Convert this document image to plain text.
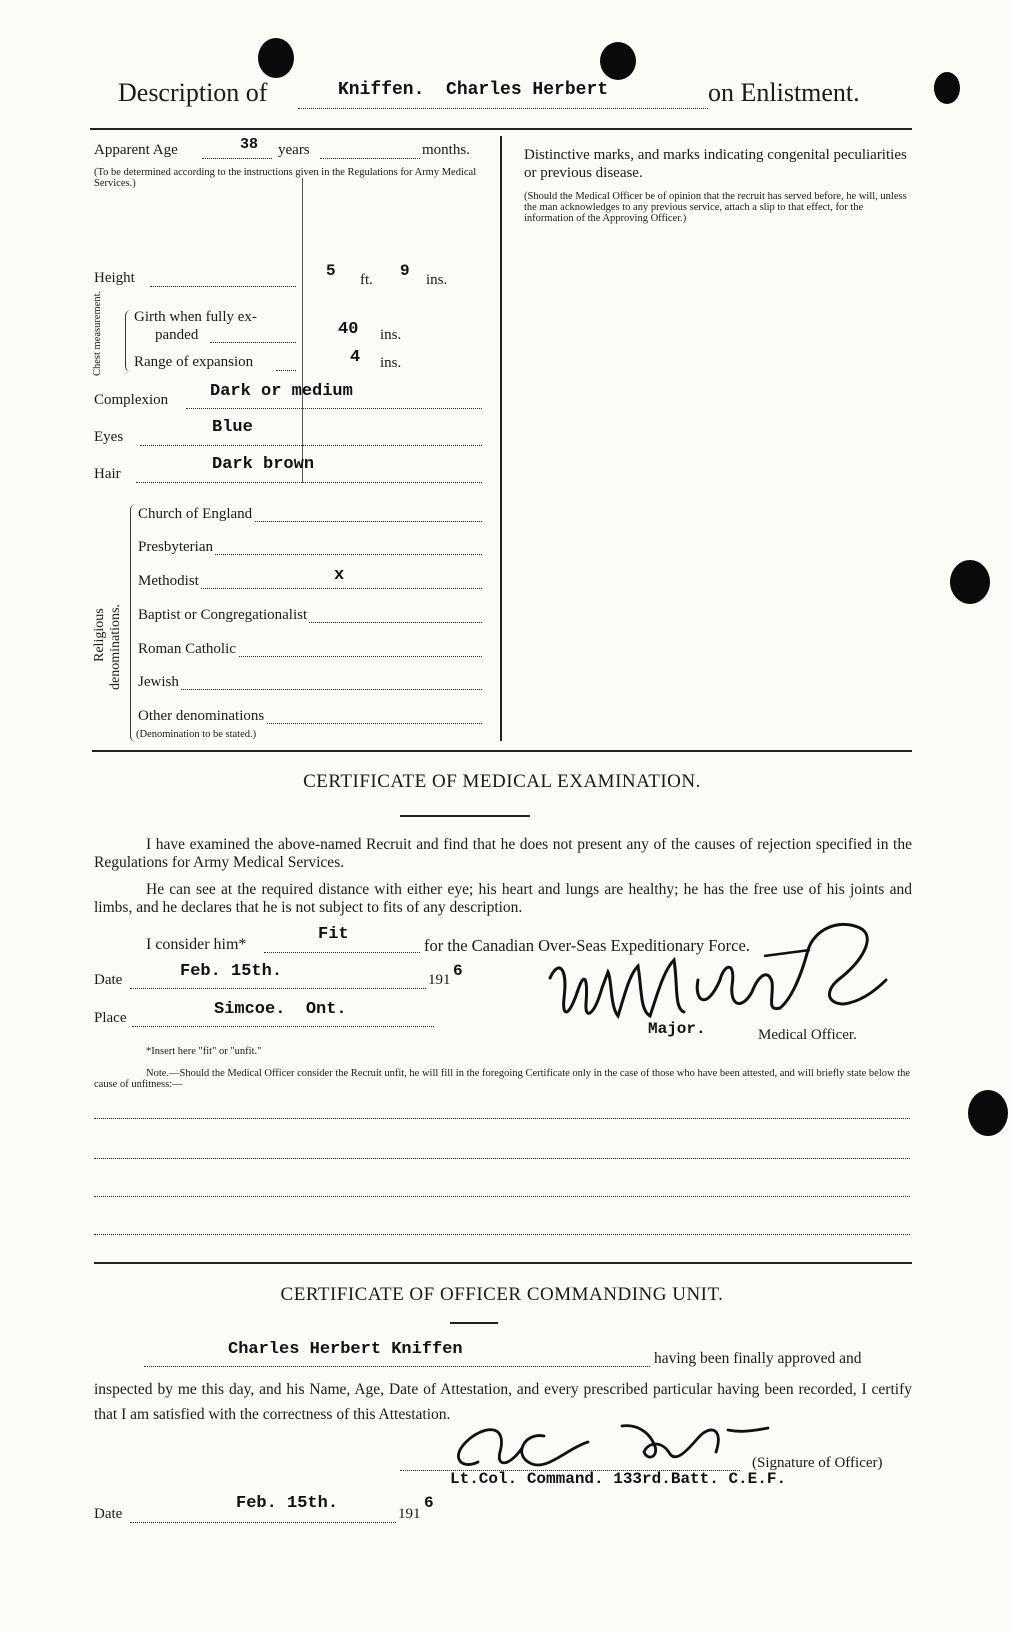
Description of	Kniffen.  Charles Herbert	on Enlistment.
Apparent Age	38 years	months.
(To be determined according to the instructions given in the Regulations for Army Medical Services.)
Height	5 ft. 9 ins.
Chest measurement. Girth when fully ex-
panded	40 ins.
Range of expansion	4 ins.
Complexion Dark or medium
Eyes	Blue
Hair	Dark brown
Religious denominations.
Church of England
Presbyterian
Methodist	x
Baptist or Congregationalist
Roman Catholic
Jewish
Other denominations
(Denomination to be stated.)
Distinctive marks, and marks indicating congenital peculiarities or previous disease.
(Should the Medical Officer be of opinion that the recruit has served before, he will, unless the man acknowledges to any previous service, attach a slip to that effect, for the information of the Approving Officer.)
CERTIFICATE OF MEDICAL EXAMINATION.

I have examined the above-named Recruit and find that he does not present any of the causes of rejection specified in the Regulations for Army Medical Services.

He can see at the required distance with either eye; his heart and lungs are healthy; he has the free use of his joints and limbs, and he declares that he is not subject to fits of any description.

I consider him*
Fit
for the Canadian Over-Seas Expeditionary Force.
Date	Feb. 15th.	191 6
Place	Simcoe.  Ont.
Major.	Medical Officer.
*Insert here "fit" or "unfit."
Note.—Should the Medical Officer consider the Recruit unfit, he will fill in the foregoing Certificate only in the case of those who have been attested, and will briefly state below the cause of unfitness:—
CERTIFICATE OF OFFICER COMMANDING UNIT.
Charles Herbert Kniffen	having been finally approved and

inspected by me this day, and his Name, Age, Date of Attestation, and every prescribed particular having been recorded, I certify that I am satisfied with the correctness of this Attestation.

(Signature of Officer)
Lt.Col. Command. 133rd.Batt. C.E.F.
Date
Feb. 15th.
191
6
